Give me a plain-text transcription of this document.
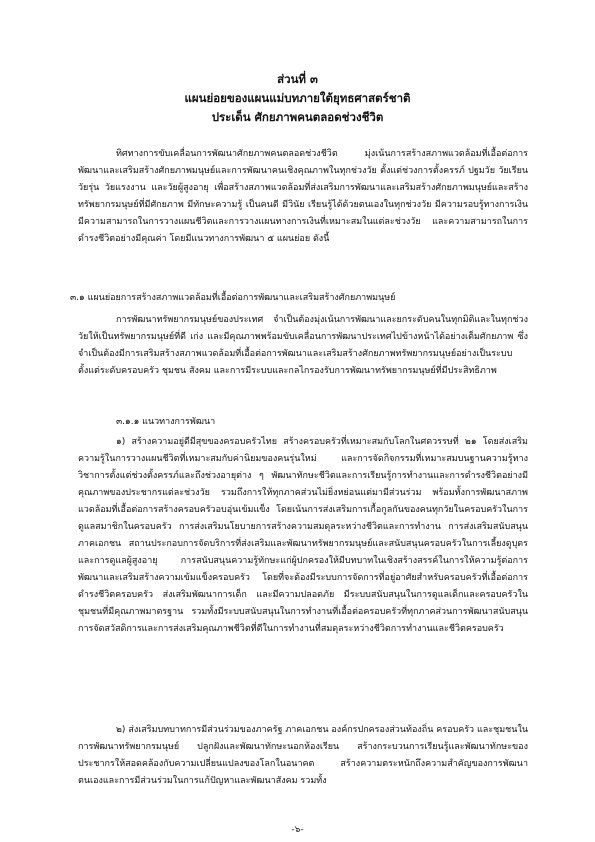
ส่วนที่ ๓

แผนย่อยของแผนแม่บทภายใต้ยุทธศาสตร์ชาติ

ประเด็น ศักยภาพคนตลอดช่วงชีวิต

ทิศทางการขับเคลื่อนการพัฒนาศักยภาพคนตลอดช่วงชีวิต มุ่งเน้นการสร้างสภาพแวดล้อมที่เอื้อต่อการพัฒนาและเสริมสร้างศักยภาพมนุษย์และการพัฒนาคนเชิงคุณภาพในทุกช่วงวัย ตั้งแต่ช่วงการตั้งครรภ์ ปฐมวัย วัยเรียน วัยรุ่น วัยแรงงาน และวัยผู้สูงอายุ เพื่อสร้างสภาพแวดล้อมที่ส่งเสริมการพัฒนาและเสริมสร้างศักยภาพมนุษย์และสร้างทรัพยากรมนุษย์ที่มีศักยภาพ มีทักษะความรู้ เป็นคนดี มีวินัย เรียนรู้ได้ด้วยตนเองในทุกช่วงวัย มีความรอบรู้ทางการเงิน มีความสามารถในการวางแผนชีวิตและการวางแผนทางการเงินที่เหมาะสมในแต่ละช่วงวัย และความสามารถในการดำรงชีวิตอย่างมีคุณค่า โดยมีแนวทางการพัฒนา ๕ แผนย่อย ดังนี้

๓.๑ แผนย่อยการสร้างสภาพแวดล้อมที่เอื้อต่อการพัฒนาและเสริมสร้างศักยภาพมนุษย์

การพัฒนาทรัพยากรมนุษย์ของประเทศ จำเป็นต้องมุ่งเน้นการพัฒนาและยกระดับคนในทุกมิติและในทุกช่วงวัยให้เป็นทรัพยากรมนุษย์ที่ดี เก่ง และมีคุณภาพพร้อมขับเคลื่อนการพัฒนาประเทศไปข้างหน้าได้อย่างเต็มศักยภาพ ซึ่งจำเป็นต้องมีการเสริมสร้างสภาพแวดล้อมที่เอื้อต่อการพัฒนาและเสริมสร้างศักยภาพทรัพยากรมนุษย์อย่างเป็นระบบตั้งแต่ระดับครอบครัว ชุมชน สังคม และการมีระบบและกลไกรองรับการพัฒนาทรัพยากรมนุษย์ที่มีประสิทธิภาพ

๓.๑.๑ แนวทางการพัฒนา

๑) สร้างความอยู่ดีมีสุขของครอบครัวไทย สร้างครอบครัวที่เหมาะสมกับโลกในศตวรรษที่ ๒๑ โดยส่งเสริมความรู้ในการวางแผนชีวิตที่เหมาะสมกับค่านิยมของคนรุ่นใหม่ และการจัดกิจกรรมที่เหมาะสมบนฐานความรู้ทางวิชาการตั้งแต่ช่วงตั้งครรภ์และถึงช่วงอายุต่าง ๆ พัฒนาทักษะชีวิตและการเรียนรู้การทำงานและการดำรงชีวิตอย่างมีคุณภาพของประชากรแต่ละช่วงวัย รวมถึงการให้ทุกภาคส่วนไม่ยิ่งหย่อนแต่มามีส่วนร่วม พร้อมทั้งการพัฒนาสภาพแวดล้อมที่เอื้อต่อการสร้างครอบครัวอบอุ่นเข้มแข็ง โดยเน้นการส่งเสริมการเกื้อกูลกันของคนทุกวัยในครอบครัวในการดูแลสมาชิกในครอบครัว การส่งเสริมนโยบายการสร้างความสมดุลระหว่างชีวิตและการทำงาน การส่งเสริมสนับสนุนภาคเอกชน สถานประกอบการจัดบริการที่ส่งเสริมและพัฒนาทรัพยากรมนุษย์และสนับสนุนครอบครัวในการเลี้ยงดูบุตรและการดูแลผู้สูงอายุ การสนับสนุนความรู้ทักษะแก่ผู้ปกครองให้มีบทบาทในเชิงสร้างสรรค์ในการให้ความรู้ต่อการพัฒนาและเสริมสร้างความเข้มแข็งครอบครัว โดยที่จะต้องมีระบบการจัดการที่อยู่อาศัยสำหรับครอบครัวที่เอื้อต่อการดำรงชีวิตครอบครัว ส่งเสริมพัฒนาการเด็ก และมีความปลอดภัย มีระบบสนับสนุนในการดูแลเด็กและครอบครัวในชุมชนที่มีคุณภาพมาตรฐาน รวมทั้งมีระบบสนับสนุนในการทำงานที่เอื้อต่อครอบครัวที่ทุกภาคส่วนการพัฒนาสนับสนุนการจัดสวัสดิการและการส่งเสริมคุณภาพชีวิตที่ดีในการทำงานที่สมดุลระหว่างชีวิตการทำงานและชีวิตครอบครัว

๒) ส่งเสริมบทบาทการมีส่วนร่วมของภาครัฐ ภาคเอกชน องค์กรปกครองส่วนท้องถิ่น ครอบครัว และชุมชนในการพัฒนาทรัพยากรมนุษย์ ปลูกฝังและพัฒนาทักษะนอกห้องเรียน สร้างกระบวนการเรียนรู้และพัฒนาทักษะของประชากรให้สอดคล้องกับความเปลี่ยนแปลงของโลกในอนาคต สร้างความตระหนักถึงความสำคัญของการพัฒนาตนเองและการมีส่วนร่วมในการแก้ปัญหาและพัฒนาสังคม รวมทั้ง

-๖-
